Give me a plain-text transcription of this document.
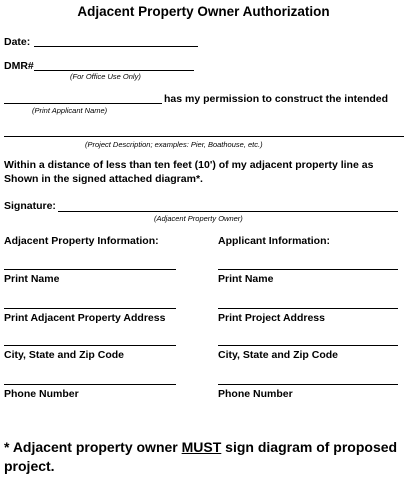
Adjacent Property Owner Authorization
Date:
DMR#
(For Office Use Only)
has my permission to construct the intended
(Print Applicant Name)
(Project Description; examples: Pier, Boathouse, etc.)
Within a distance of less than ten feet (10') of my adjacent property line as Shown in the signed attached diagram*.
Signature:
(Adjacent Property Owner)
Adjacent Property Information:	Applicant Information:
Print Name
Print Adjacent Property Address
City, State and Zip Code
Phone Number
Print Name
Print Project Address
City, State and Zip Code
Phone Number
* Adjacent property owner MUST sign diagram of proposed project.
